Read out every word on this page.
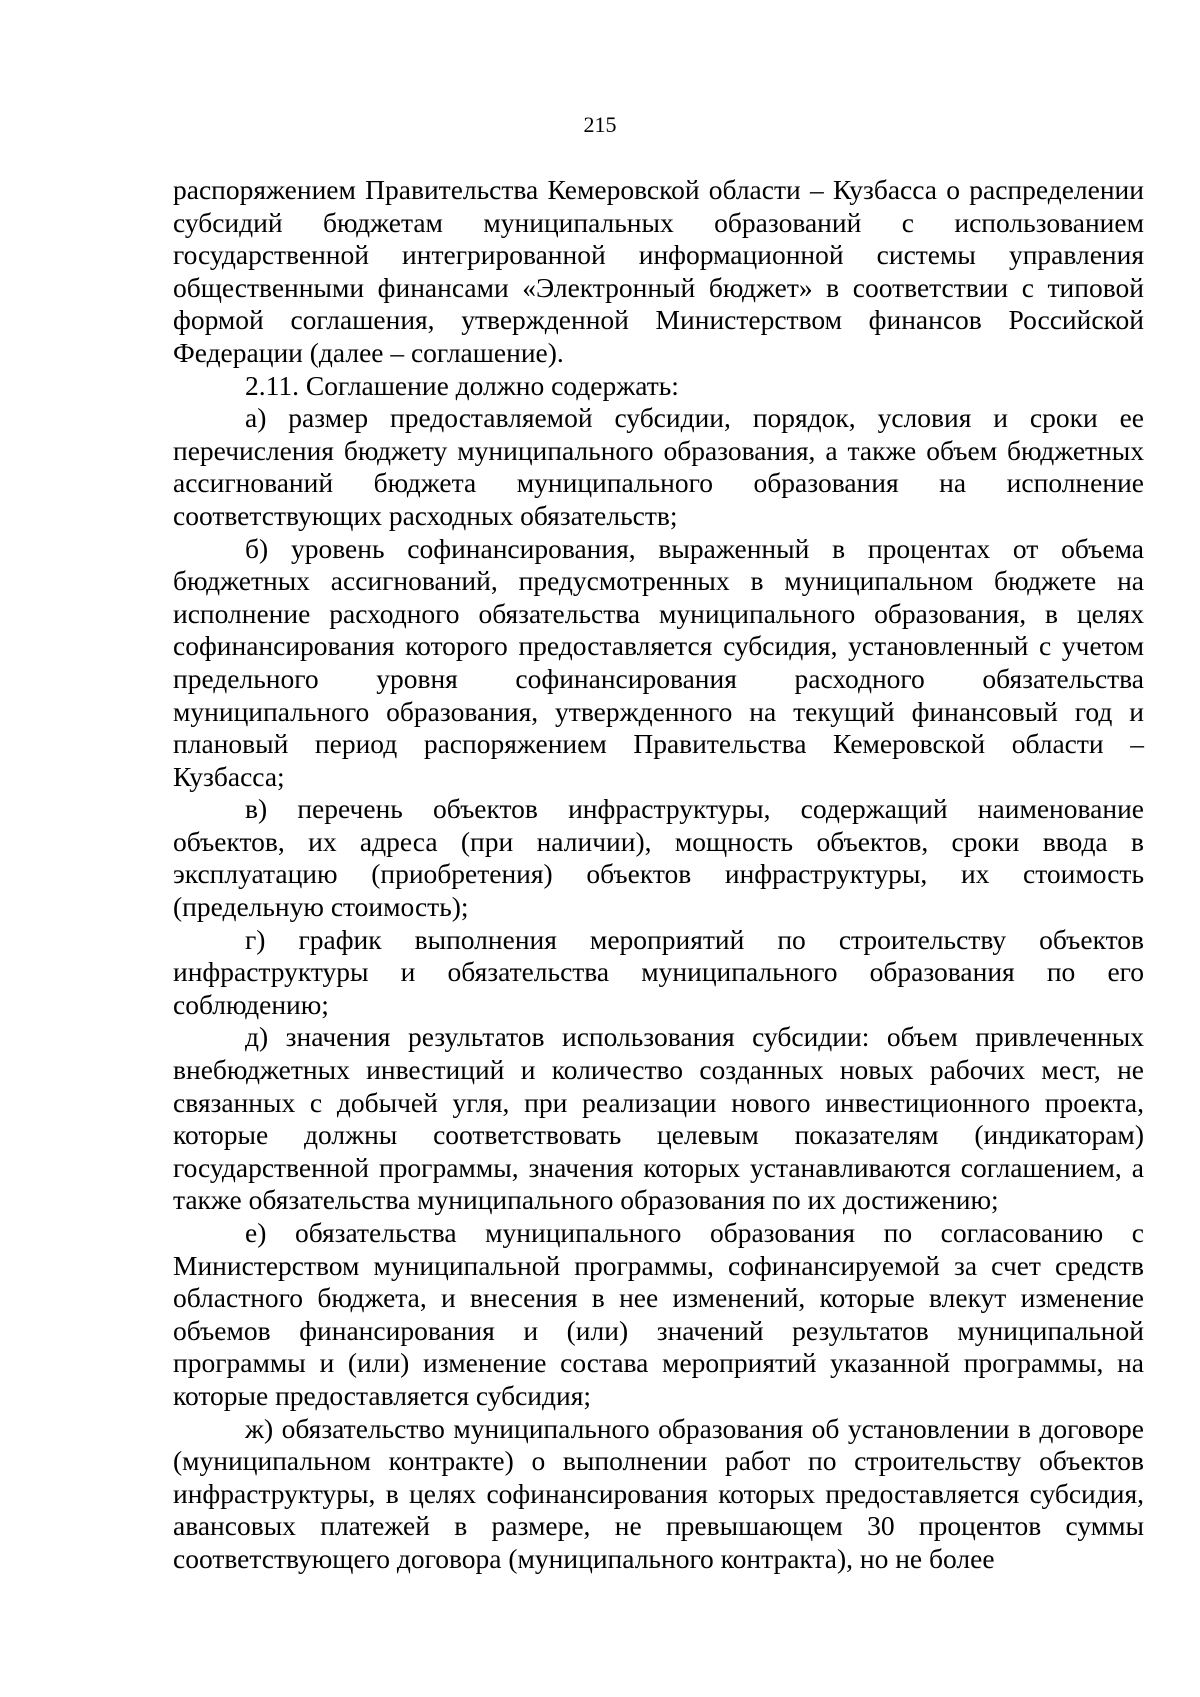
215

распоряжением Правительства Кемеровской области – Кузбасса о распределении субсидий бюджетам муниципальных образований с использованием государственной интегрированной информационной системы управления общественными финансами «Электронный бюджет» в соответствии с типовой формой соглашения, утвержденной Министерством финансов Российской Федерации (далее – соглашение).

2.11. Соглашение должно содержать:

а) размер предоставляемой субсидии, порядок, условия и сроки ее перечисления бюджету муниципального образования, а также объем бюджетных ассигнований бюджета муниципального образования на исполнение соответствующих расходных обязательств;

б) уровень софинансирования, выраженный в процентах от объема бюджетных ассигнований, предусмотренных в муниципальном бюджете на исполнение расходного обязательства муниципального образования, в целях софинансирования которого предоставляется субсидия, установленный с учетом предельного уровня софинансирования расходного обязательства муниципального образования, утвержденного на текущий финансовый год и плановый период распоряжением Правительства Кемеровской области – Кузбасса;

в) перечень объектов инфраструктуры, содержащий наименование объектов, их адреса (при наличии), мощность объектов, сроки ввода в эксплуатацию (приобретения) объектов инфраструктуры, их стоимость (предельную стоимость);

г) график выполнения мероприятий по строительству объектов инфраструктуры и обязательства муниципального образования по его соблюдению;

д) значения результатов использования субсидии: объем привлеченных внебюджетных инвестиций и количество созданных новых рабочих мест, не связанных с добычей угля, при реализации нового инвестиционного проекта, которые должны соответствовать целевым показателям (индикаторам) государственной программы, значения которых устанавливаются соглашением, а также обязательства муниципального образования по их достижению;

е) обязательства муниципального образования по согласованию с Министерством муниципальной программы, софинансируемой за счет средств областного бюджета, и внесения в нее изменений, которые влекут изменение объемов финансирования и (или) значений результатов муниципальной программы и (или) изменение состава мероприятий указанной программы, на которые предоставляется субсидия;

ж) обязательство муниципального образования об установлении в договоре (муниципальном контракте) о выполнении работ по строительству объектов инфраструктуры, в целях софинансирования которых предоставляется субсидия, авансовых платежей в размере, не превышающем 30 процентов суммы соответствующего договора (муниципального контракта), но не более
